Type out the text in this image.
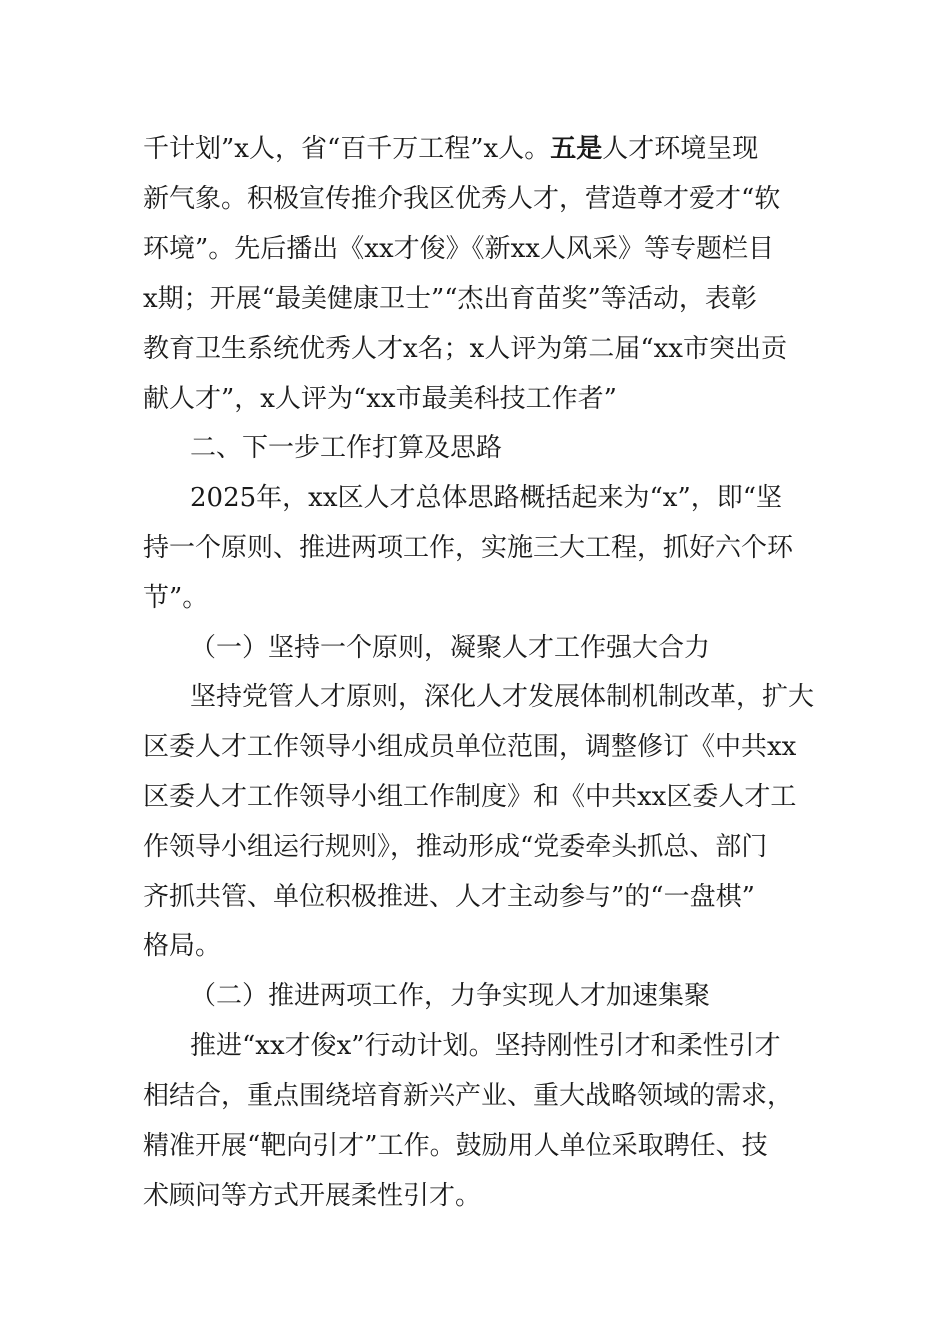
千计划”x人，省“百千万工程”x人。五是人才环境呈现
新气象。积极宣传推介我区优秀人才，营造尊才爱才“软
环境”。先后播出《xx才俊》《新xx人风采》等专题栏目
x期；开展“最美健康卫士”“杰出育苗奖”等活动，表彰
教育卫生系统优秀人才x名；x人评为第二届“xx市突出贡
献人才”，x人评为“xx市最美科技工作者”
二、下一步工作打算及思路
2025年，xx区人才总体思路概括起来为“x”，即“坚
持一个原则、推进两项工作，实施三大工程，抓好六个环
节”。
（一）坚持一个原则，凝聚人才工作强大合力
坚持党管人才原则，深化人才发展体制机制改革，扩大
区委人才工作领导小组成员单位范围，调整修订《中共xx
区委人才工作领导小组工作制度》和《中共xx区委人才工
作领导小组运行规则》，推动形成“党委牵头抓总、部门
齐抓共管、单位积极推进、人才主动参与”的“一盘棋”
格局。
（二）推进两项工作，力争实现人才加速集聚
推进“xx才俊x”行动计划。坚持刚性引才和柔性引才
相结合，重点围绕培育新兴产业、重大战略领域的需求，
精准开展“靶向引才”工作。鼓励用人单位采取聘任、技
术顾问等方式开展柔性引才。
